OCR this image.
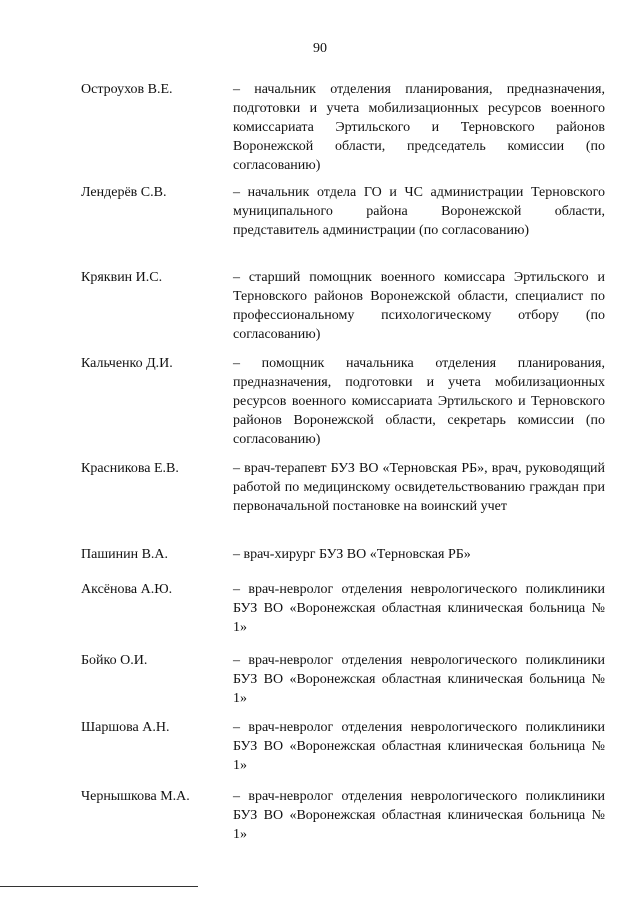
90
Остроухов В.Е.	– начальник отделения планирования, предназначения, подготовки и учета мобилизационных ресурсов военного комиссариата Эртильского и Терновского районов Воронежской области, председатель комиссии (по согласованию)
Лендерёв С.В.	– начальник отдела ГО и ЧС администрации Терновского муниципального района Воронежской области, представитель администрации (по согласованию)
Кряквин И.С.	– старший помощник военного комиссара Эртильского и Терновского районов Воронежской области, специалист по профессиональному психологическому отбору (по согласованию)
Кальченко Д.И.	– помощник начальника отделения планирования, предназначения, подготовки и учета мобилизационных ресурсов военного комиссариата Эртильского и Терновского районов Воронежской области, секретарь комиссии (по согласованию)
Красникова Е.В.	– врач-терапевт БУЗ ВО «Терновская РБ», врач, руководящий работой по медицинскому освидетельствованию граждан при первоначальной постановке на воинский учет
Пашинин В.А.	– врач-хирург БУЗ ВО «Терновская РБ»
Аксёнова А.Ю.	– врач-невролог отделения неврологического поликлиники БУЗ ВО «Воронежская областная клиническая больница № 1»
Бойко О.И.	– врач-невролог отделения неврологического поликлиники БУЗ ВО «Воронежская областная клиническая больница № 1»
Шаршова А.Н.	– врач-невролог отделения неврологического поликлиники БУЗ ВО «Воронежская областная клиническая больница № 1»
Чернышкова М.А.	– врач-невролог отделения неврологического поликлиники БУЗ ВО «Воронежская областная клиническая больница № 1»
